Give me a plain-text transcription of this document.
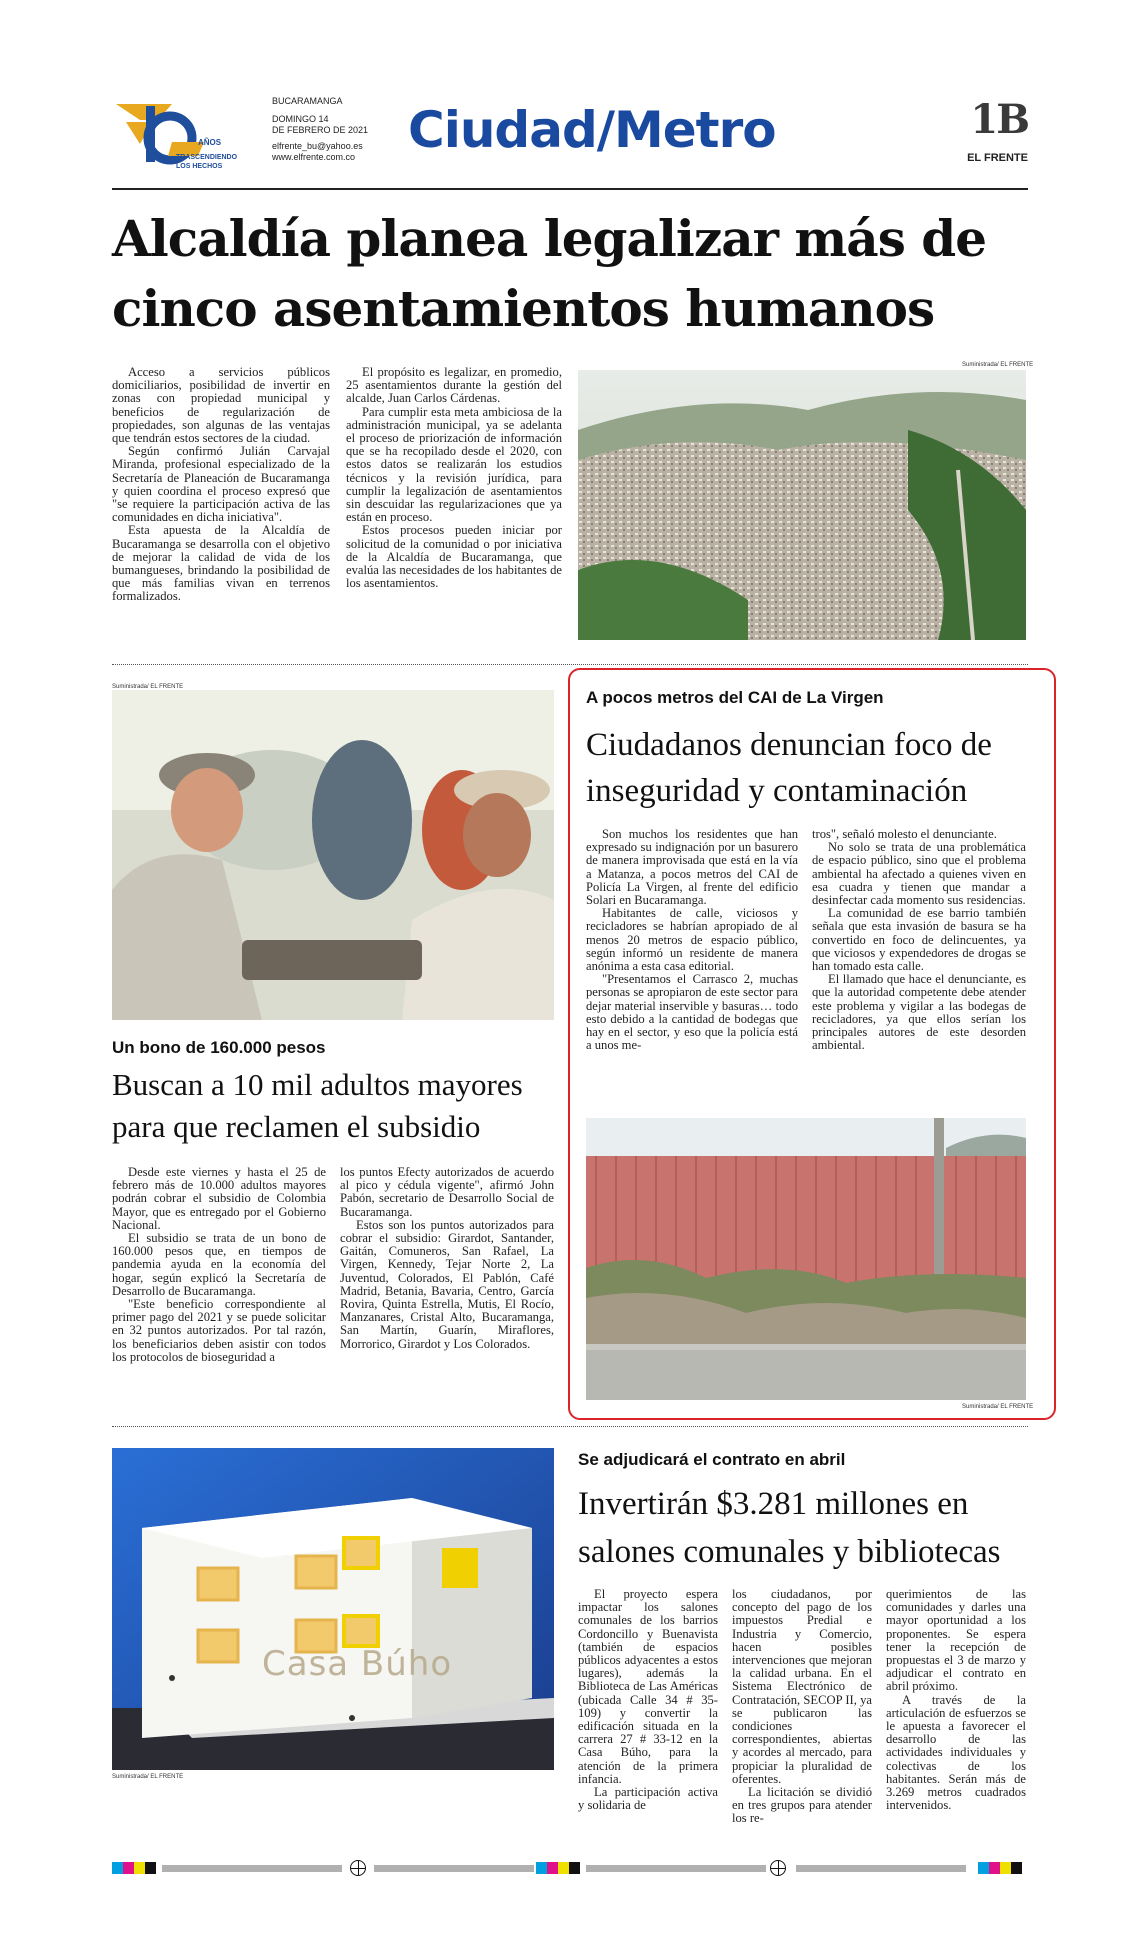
AÑOS
TRASCENDIENDO
LOS HECHOS
BUCARAMANGA
DOMINGO 14
DE FEBRERO DE 2021
elfrente_bu@yahoo.es
www.elfrente.com.co	Ciudad/Metro	1B
EL FRENTE
Alcaldía planea legalizar más de
cinco asentamientos humanos

Acceso a servicios públicos domiciliarios, posibilidad de invertir en zonas con propiedad municipal y beneficios de regularización de propiedades, son algunas de las ventajas que tendrán estos sectores de la ciudad.

Según confirmó Julián Carvajal Miranda, profesional especializado de la Secretaría de Planeación de Bucaramanga y quien coordina el proceso expresó que "se requiere la participación activa de las comunidades en dicha iniciativa".

Esta apuesta de la Alcaldía de Bucaramanga se desarrolla con el objetivo de mejorar la calidad de vida de los bumangueses, brindando la posibilidad de que más familias vivan en terrenos formalizados.

El propósito es legalizar, en promedio, 25 asentamientos durante la gestión del alcalde, Juan Carlos Cárdenas.

Para cumplir esta meta ambiciosa de la administración municipal, ya se adelanta el proceso de priorización de información que se ha recopilado desde el 2020, con estos datos se realizarán los estudios técnicos y la revisión jurídica, para cumplir la legalización de asentamientos sin descuidar las regularizaciones que ya están en proceso.

Estos procesos pueden iniciar por solicitud de la comunidad o por iniciativa de la Alcaldía de Bucaramanga, que evalúa las necesidades de los habitantes de los asentamientos.

Suministrada/ EL FRENTE
Suministrada/ EL FRENTE
Un bono de 160.000 pesos
Buscan a 10 mil adultos mayores
para que reclamen el subsidio

Desde este viernes y hasta el 25 de febrero más de 10.000 adultos mayores podrán cobrar el subsidio de Colombia Mayor, que es entregado por el Gobierno Nacional.

El subsidio se trata de un bono de 160.000 pesos que, en tiempos de pandemia ayuda en la economía del hogar, según explicó la Secretaría de Desarrollo de Bucaramanga.

"Este beneficio correspondiente al primer pago del 2021 y se puede solicitar en 32 puntos autorizados. Por tal razón, los beneficiarios deben asistir con todos los protocolos de bioseguridad a

los puntos Efecty autorizados de acuerdo al pico y cédula vigente", afirmó John Pabón, secretario de Desarrollo Social de Bucaramanga.

Estos son los puntos autorizados para cobrar el subsidio: Girardot, Santander, Gaitán, Comuneros, San Rafael, La Virgen, Kennedy, Tejar Norte 2, La Juventud, Colorados, El Pablón, Café Madrid, Betania, Bavaria, Centro, García Rovira, Quinta Estrella, Mutis, El Rocío, Manzanares, Cristal Alto, Bucaramanga, San Martín, Guarín, Miraflores, Morrorico, Girardot y Los Colorados.

A pocos metros del CAI de La Virgen
Ciudadanos denuncian foco de
inseguridad y contaminación

Son muchos los residentes que han expresado su indignación por un basurero de manera improvisada que está en la vía a Matanza, a pocos metros del CAI de Policía La Virgen, al frente del edificio Solari en Bucaramanga.

Habitantes de calle, viciosos y recicladores se habrían apropiado de al menos 20 metros de espacio público, según informó un residente de manera anónima a esta casa editorial.

"Presentamos el Carrasco 2, muchas personas se apropiaron de este sector para dejar material inservible y basuras… todo esto debido a la cantidad de bodegas que hay en el sector, y eso que la policía está a unos me-

tros", señaló molesto el denunciante.

No solo se trata de una problemática de espacio público, sino que el problema ambiental ha afectado a quienes viven en esa cuadra y tienen que mandar a desinfectar cada momento sus residencias.

La comunidad de ese barrio también señala que esta invasión de basura se ha convertido en foco de delincuentes, ya que viciosos y expendedores de drogas se han tomado esta calle.

El llamado que hace el denunciante, es que la autoridad competente debe atender este problema y vigilar a las bodegas de recicladores, ya que ellos serían los principales autores de este desorden ambiental.

Suministrada/ EL FRENTE
Casa Búho
Suministrada/ EL FRENTE
Se adjudicará el contrato en abril
Invertirán $3.281 millones en
salones comunales y bibliotecas

El proyecto espera impactar los salones comunales de los barrios Cordoncillo y Buenavista (también de espacios públicos adyacentes a estos lugares), además la Biblioteca de Las Américas (ubicada Calle 34 # 35-109) y convertir la edificación situada en la carrera 27 # 33-12 en la Casa Búho, para la atención de la primera infancia.

La participación activa y solidaria de

los ciudadanos, por concepto del pago de los impuestos Predial e Industria y Comercio, hacen posibles intervenciones que mejoran la calidad urbana. En el Sistema Electrónico de Contratación, SECOP II, ya se publicaron las condiciones correspondientes, abiertas y acordes al mercado, para propiciar la pluralidad de oferentes.

La licitación se dividió en tres grupos para atender los re-

querimientos de las comunidades y darles una mayor oportunidad a los proponentes. Se espera tener la recepción de propuestas el 3 de marzo y adjudicar el contrato en abril próximo.

A través de la articulación de esfuerzos se le apuesta a favorecer el desarrollo de las actividades individuales y colectivas de los habitantes. Serán más de 3.269 metros cuadrados intervenidos.
